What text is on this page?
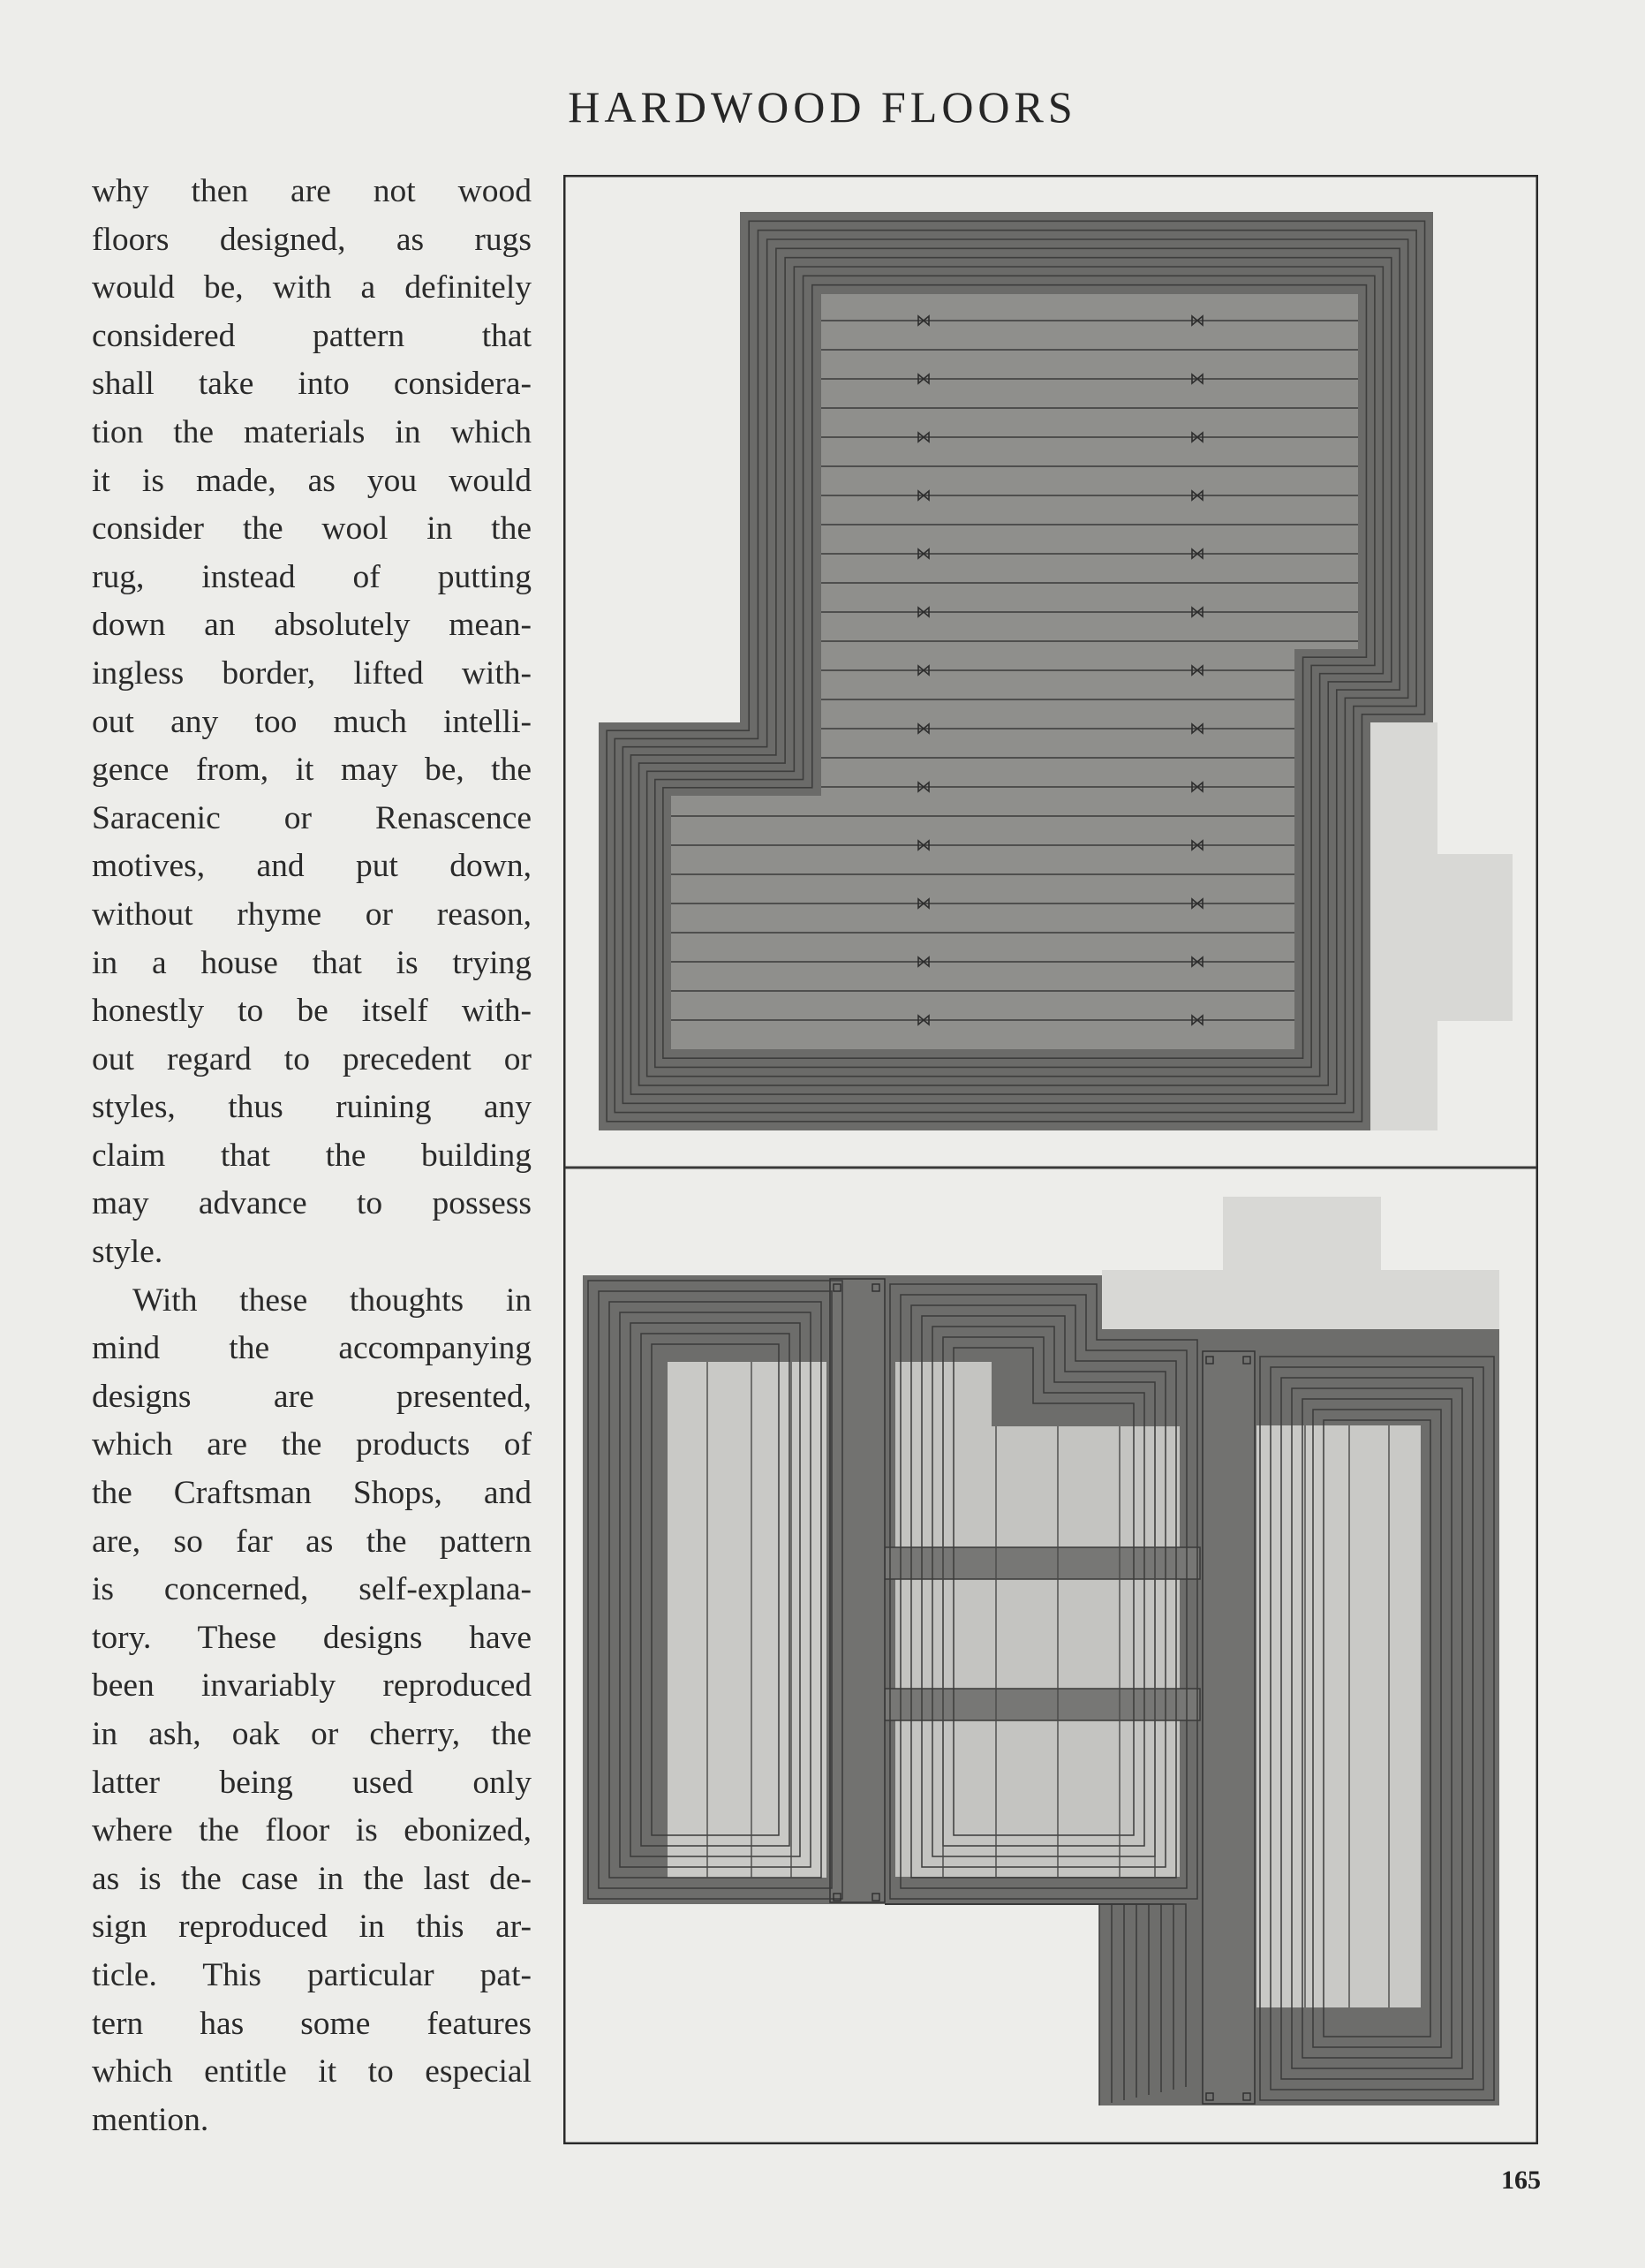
HARDWOOD FLOORS
why then are not wood
floors designed, as rugs
would be, with a definitely
considered pattern that
shall take into considera-
tion the materials in which
it is made, as you would
consider the wool in the
rug, instead of putting
down an absolutely mean-
ingless border, lifted with-
out any too much intelli-
gence from, it may be, the
Saracenic or Renascence
motives, and put down,
without rhyme or reason,
in a house that is trying
honestly to be itself with-
out regard to precedent or
styles, thus ruining any
claim that the building
may advance to possess
style.
With these thoughts in
mind the accompanying
designs are presented,
which are the products of
the Craftsman Shops, and
are, so far as the pattern
is concerned, self-explana-
tory. These designs have
been invariably reproduced
in ash, oak or cherry, the
latter being used only
where the floor is ebonized,
as is the case in the last de-
sign reproduced in this ar-
ticle. This particular pat-
tern has some features
which entitle it to especial
mention.
165
